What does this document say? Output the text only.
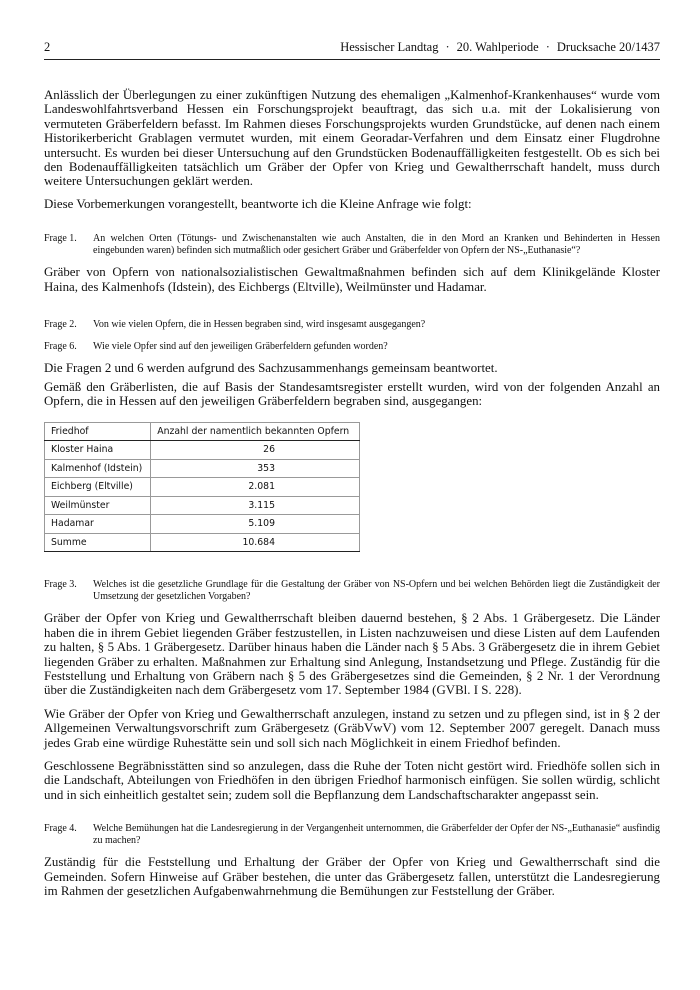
2	Hessischer Landtag · 20. Wahlperiode · Drucksache 20/1437

Anlässlich der Überlegungen zu einer zukünftigen Nutzung des ehemaligen „Kalmenhof-Krankenhauses“ wurde vom Landeswohlfahrtsverband Hessen ein Forschungsprojekt beauftragt, das sich u.a. mit der Lokalisierung von vermuteten Gräberfeldern befasst. Im Rahmen dieses Forschungsprojekts wurden Grundstücke, auf denen nach einem Historikerbericht Grablagen vermutet wurden, mit einem Georadar-Verfahren und dem Einsatz einer Flugdrohne untersucht. Es wurden bei dieser Untersuchung auf den Grundstücken Bodenauffälligkeiten festgestellt. Ob es sich bei den Bodenauffälligkeiten tatsächlich um Gräber der Opfer von Krieg und Gewaltherrschaft handelt, muss durch weitere Untersuchungen geklärt werden.

Diese Vorbemerkungen vorangestellt, beantworte ich die Kleine Anfrage wie folgt:

Frage 1.	An welchen Orten (Tötungs- und Zwischenanstalten wie auch Anstalten, die in den Mord an Kranken und Behinderten in Hessen eingebunden waren) befinden sich mutmaßlich oder gesichert Gräber und Gräberfelder von Opfern der NS-„Euthanasie“?

Gräber von Opfern von nationalsozialistischen Gewaltmaßnahmen befinden sich auf dem Klinikgelände Kloster Haina, des Kalmenhofs (Idstein), des Eichbergs (Eltville), Weilmünster und Hadamar.

Frage 2.	Von wie vielen Opfern, die in Hessen begraben sind, wird insgesamt ausgegangen?
Frage 6.	Wie viele Opfer sind auf den jeweiligen Gräberfeldern gefunden worden?

Die Fragen 2 und 6 werden aufgrund des Sachzusammenhangs gemeinsam beantwortet.

Gemäß den Gräberlisten, die auf Basis der Standesamtsregister erstellt wurden, wird von der folgenden Anzahl an Opfern, die in Hessen auf den jeweiligen Gräberfeldern begraben sind, ausgegangen:

Friedhof	Anzahl der namentlich bekannten Opfern
Kloster Haina	26
Kalmenhof (Idstein)	353
Eichberg (Eltville)	2.081
Weilmünster	3.115
Hadamar	5.109
Summe	10.684
Frage 3.	Welches ist die gesetzliche Grundlage für die Gestaltung der Gräber von NS-Opfern und bei welchen Behörden liegt die Zuständigkeit der Umsetzung der gesetzlichen Vorgaben?

Gräber der Opfer von Krieg und Gewaltherrschaft bleiben dauernd bestehen, § 2 Abs. 1 Gräbergesetz. Die Länder haben die in ihrem Gebiet liegenden Gräber festzustellen, in Listen nachzuweisen und diese Listen auf dem Laufenden zu halten, § 5 Abs. 1 Gräbergesetz. Darüber hinaus haben die Länder nach § 5 Abs. 3 Gräbergesetz die in ihrem Gebiet liegenden Gräber zu erhalten. Maßnahmen zur Erhaltung sind Anlegung, Instandsetzung und Pflege. Zuständig für die Feststellung und Erhaltung von Gräbern nach § 5 des Gräbergesetzes sind die Gemeinden, § 2 Nr. 1 der Verordnung über die Zuständigkeiten nach dem Gräbergesetz vom 17. September 1984 (GVBl. I S. 228).

Wie Gräber der Opfer von Krieg und Gewaltherrschaft anzulegen, instand zu setzen und zu pflegen sind, ist in § 2 der Allgemeinen Verwaltungsvorschrift zum Gräbergesetz (GräbVwV) vom 12. September 2007 geregelt. Danach muss jedes Grab eine würdige Ruhestätte sein und soll sich nach Möglichkeit in einem Friedhof befinden.

Geschlossene Begräbnisstätten sind so anzulegen, dass die Ruhe der Toten nicht gestört wird. Friedhöfe sollen sich in die Landschaft, Abteilungen von Friedhöfen in den übrigen Friedhof harmonisch einfügen. Sie sollen würdig, schlicht und in sich einheitlich gestaltet sein; zudem soll die Bepflanzung dem Landschaftscharakter angepasst sein.

Frage 4.	Welche Bemühungen hat die Landesregierung in der Vergangenheit unternommen, die Gräberfelder der Opfer der NS-„Euthanasie“ ausfindig zu machen?

Zuständig für die Feststellung und Erhaltung der Gräber der Opfer von Krieg und Gewaltherrschaft sind die Gemeinden. Sofern Hinweise auf Gräber bestehen, die unter das Gräbergesetz fallen, unterstützt die Landesregierung im Rahmen der gesetzlichen Aufgabenwahrnehmung die Bemühungen zur Feststellung der Gräber.
